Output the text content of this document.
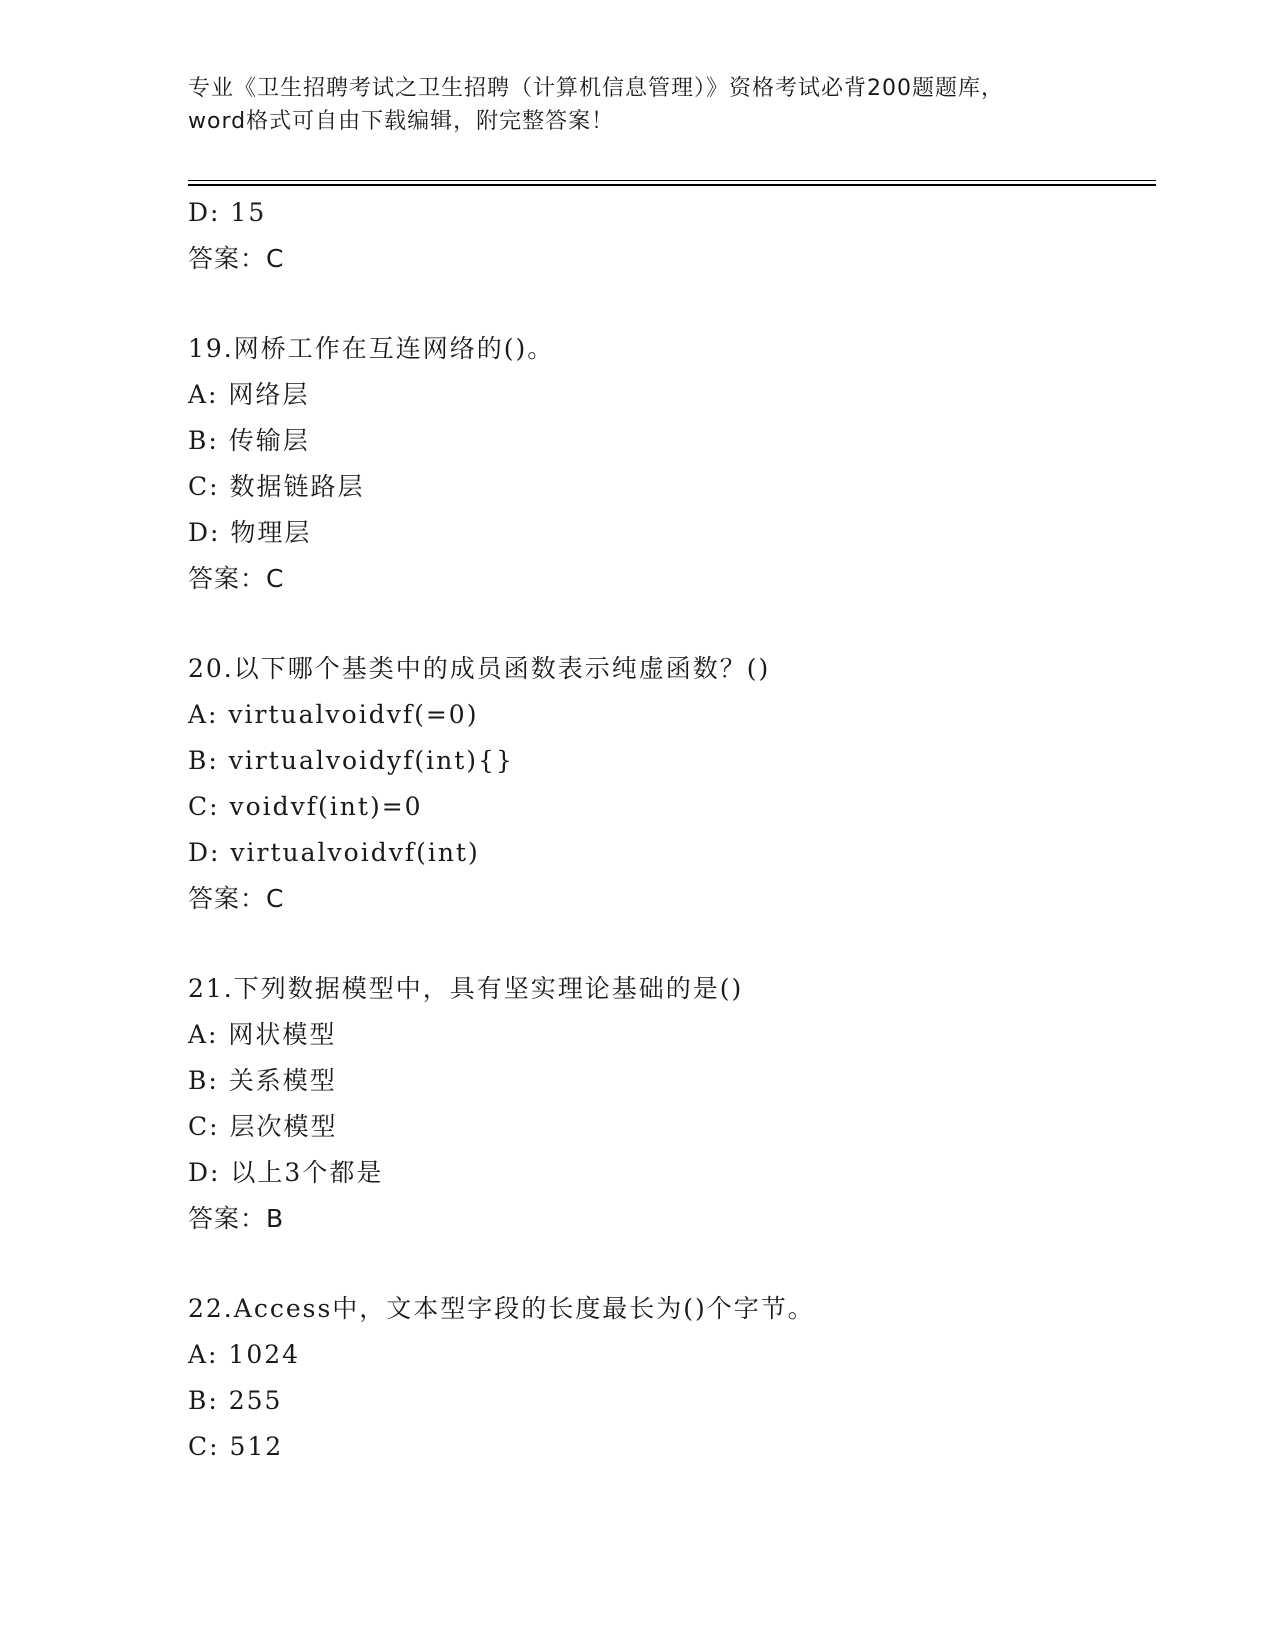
专业《卫生招聘考试之卫生招聘（计算机信息管理）》资格考试必背200题题库，
word格式可自由下载编辑，附完整答案！
D: 15
答案：C
19.网桥工作在互连网络的()。
A: 网络层
B: 传输层
C: 数据链路层
D: 物理层
答案：C
20.以下哪个基类中的成员函数表示纯虚函数？()
A: virtualvoidvf(=0)
B: virtualvoidyf(int){}
C: voidvf(int)=0
D: virtualvoidvf(int)
答案：C
21.下列数据模型中，具有坚实理论基础的是()
A: 网状模型
B: 关系模型
C: 层次模型
D: 以上3个都是
答案：B
22.Access中，文本型字段的长度最长为()个字节。
A: 1024
B: 255
C: 512
